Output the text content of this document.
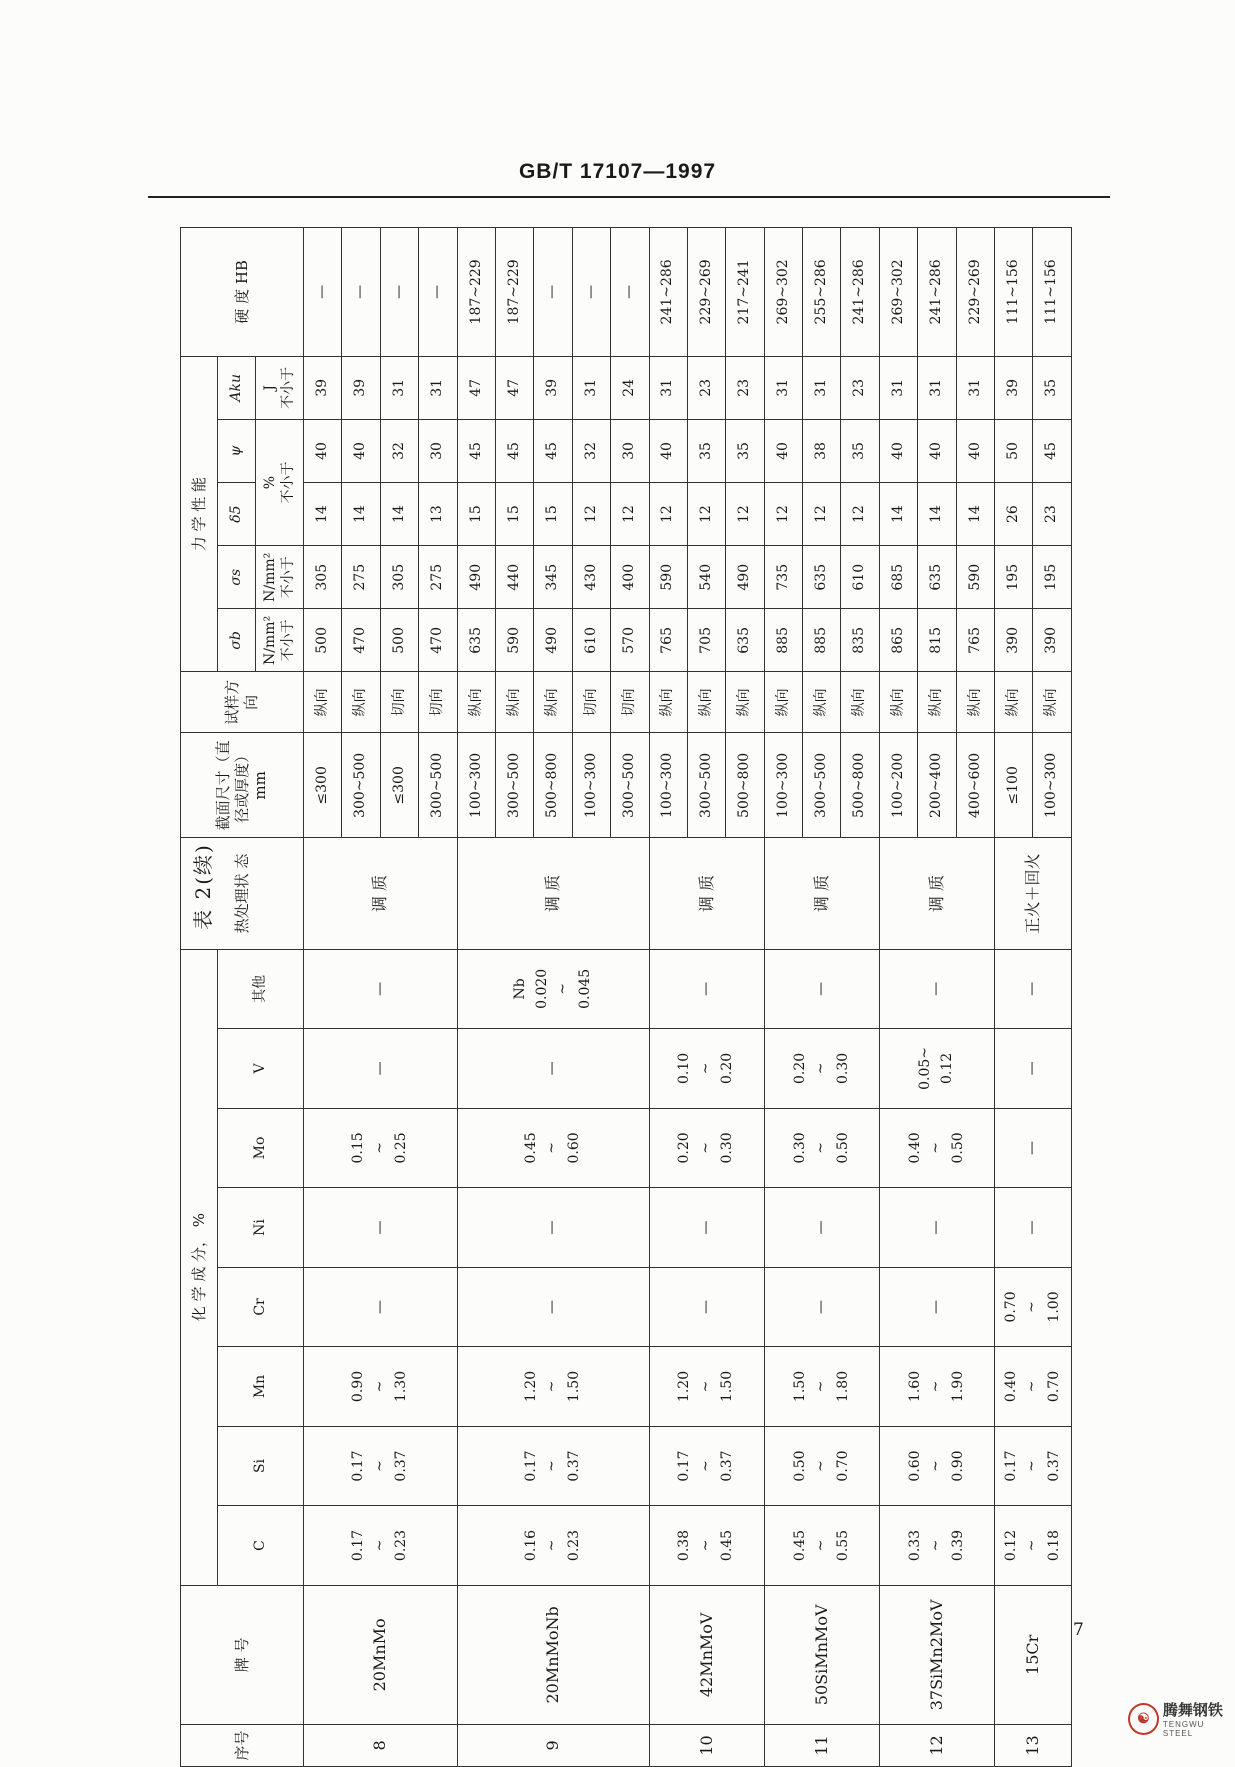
GB/T 17107—1997
表 2(续)
序号	牌 号	化 学 成 分， %								热处理状 态	截面尺寸（直径或厚度）mm	试样方向	力 学 性 能					硬 度 HB
		C	Si	Mn	Cr	Ni	Mo	V	其他				σb	σs	δ5	ψ	Aku	
													N/mm² 不小于	N/mm² 不小于	% 不小于		J 不小于	
8	20MnMo	0.17 ~ 0.23	0.17 ~ 0.37	0.90 ~ 1.30	—	—	0.15 ~ 0.25	—	—	调 质	≤300	纵向	500	305	14	40	39	—
											300~500	纵向	470	275	14	40	39	—
											≤300	切向	500	305	14	32	31	—
											300~500	切向	470	275	13	30	31	—
9	20MnMoNb	0.16 ~ 0.23	0.17 ~ 0.37	1.20 ~ 1.50	—	—	0.45 ~ 0.60	—	Nb 0.020 ~ 0.045	调 质	100~300	纵向	635	490	15	45	47	187~229
											300~500	纵向	590	440	15	45	47	187~229
											500~800	纵向	490	345	15	45	39	—
											100~300	切向	610	430	12	32	31	—
											300~500	切向	570	400	12	30	24	—
10	42MnMoV	0.38 ~ 0.45	0.17 ~ 0.37	1.20 ~ 1.50	—	—	0.20 ~ 0.30	0.10 ~ 0.20	—	调 质	100~300	纵向	765	590	12	40	31	241~286
											300~500	纵向	705	540	12	35	23	229~269
											500~800	纵向	635	490	12	35	23	217~241
11	50SiMnMoV	0.45 ~ 0.55	0.50 ~ 0.70	1.50 ~ 1.80	—	—	0.30 ~ 0.50	0.20 ~ 0.30	—	调 质	100~300	纵向	885	735	12	40	31	269~302
											300~500	纵向	885	635	12	38	31	255~286
											500~800	纵向	835	610	12	35	23	241~286
12	37SiMn2MoV	0.33 ~ 0.39	0.60 ~ 0.90	1.60 ~ 1.90	—	—	0.40 ~ 0.50	0.05~ 0.12	—	调 质	100~200	纵向	865	685	14	40	31	269~302
											200~400	纵向	815	635	14	40	31	241~286
											400~600	纵向	765	590	14	40	31	229~269
13	15Cr	0.12 ~ 0.18	0.17 ~ 0.37	0.40 ~ 0.70	0.70 ~ 1.00	—	—	—	—	正火＋回火	≤100	纵向	390	195	26	50	39	111~156
											100~300	纵向	390	195	23	45	35	111~156
7
☯ 腾舞钢铁
TENGWU STEEL
